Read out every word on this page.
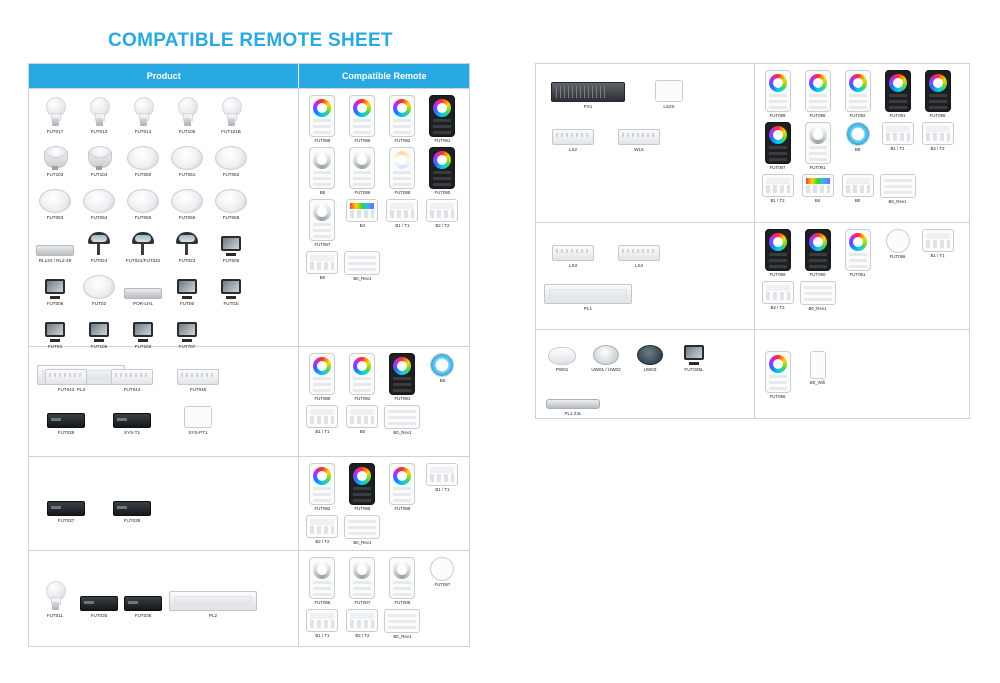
COMPATIBLE REMOTE SHEET
Product	Compatible Remote
FUT017	FUT013	FUT014	FUT105	FUT101B
FUT103	FUT104	FUT060	FUT061	FUT062
FUT063	FUT064	FUT065	FUT066	FUT068
RL124 / RL2-48	FUT024	FUT021/FUT022	FUT023	FUT006
FUT008	FUT03	POR-LH1	FUT06	FUT03i
FUT04	FUT105	FUT102	FUT707
PL3
FUT089	FUT096	FUT092	FUT091
B8	FUT086	FUT088	FUT090
FUT087
B4	B1 / T1	B2 / T2
B0	B0_Rev1
FUT043	FUT044	FUT045
FUT039	SYS-T1	SYS-PT1
FUT089	FUT092	FUT091
B8
B1 / T1	B0	B0_Rev1
FUT037	FUT038
FUT092	FUT096	FUT089
B1 / T1
B2 / T2	B0_Rev1
FUT011	FUT035	FUT036	PL2
FUT096	FUT007	FUT008
FUT087
B1 / T1	B2 / T2	B0_Rev1
PX1	LS2S
LS2	WL5
FUT089	FUT096	FUT092	FUT091	FUT096
FUT087	FUT091
B8	B1 / T1	B2 / T2
B1 / T2	B4	B0	B0_Rev1
LS3	LS4
PL1
FUT089	FUT090	FUT091
FUT096	B1 / T1
B2 / T2	B0_Rev1
PW01	UW01 / UW02	UW03	FUT035L
PL1 24L
FUT096
B0_Wifi
